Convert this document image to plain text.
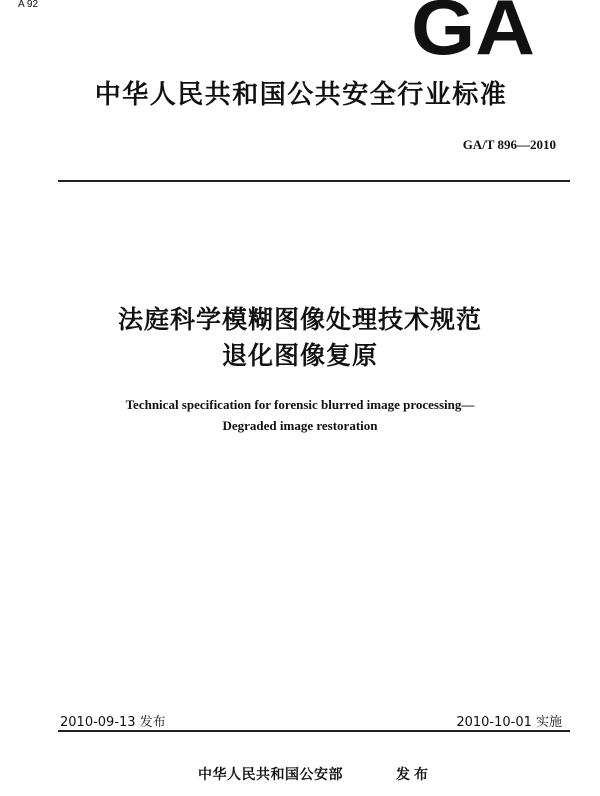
A 92	GA
中华人民共和国公共安全行业标准
GA/T 896—2010
法庭科学模糊图像处理技术规范
退化图像复原
Technical specification for forensic blurred image processing—
Degraded image restoration
2010-09-13 发布	2010-10-01 实施
中华人民共和国公安部	发布
